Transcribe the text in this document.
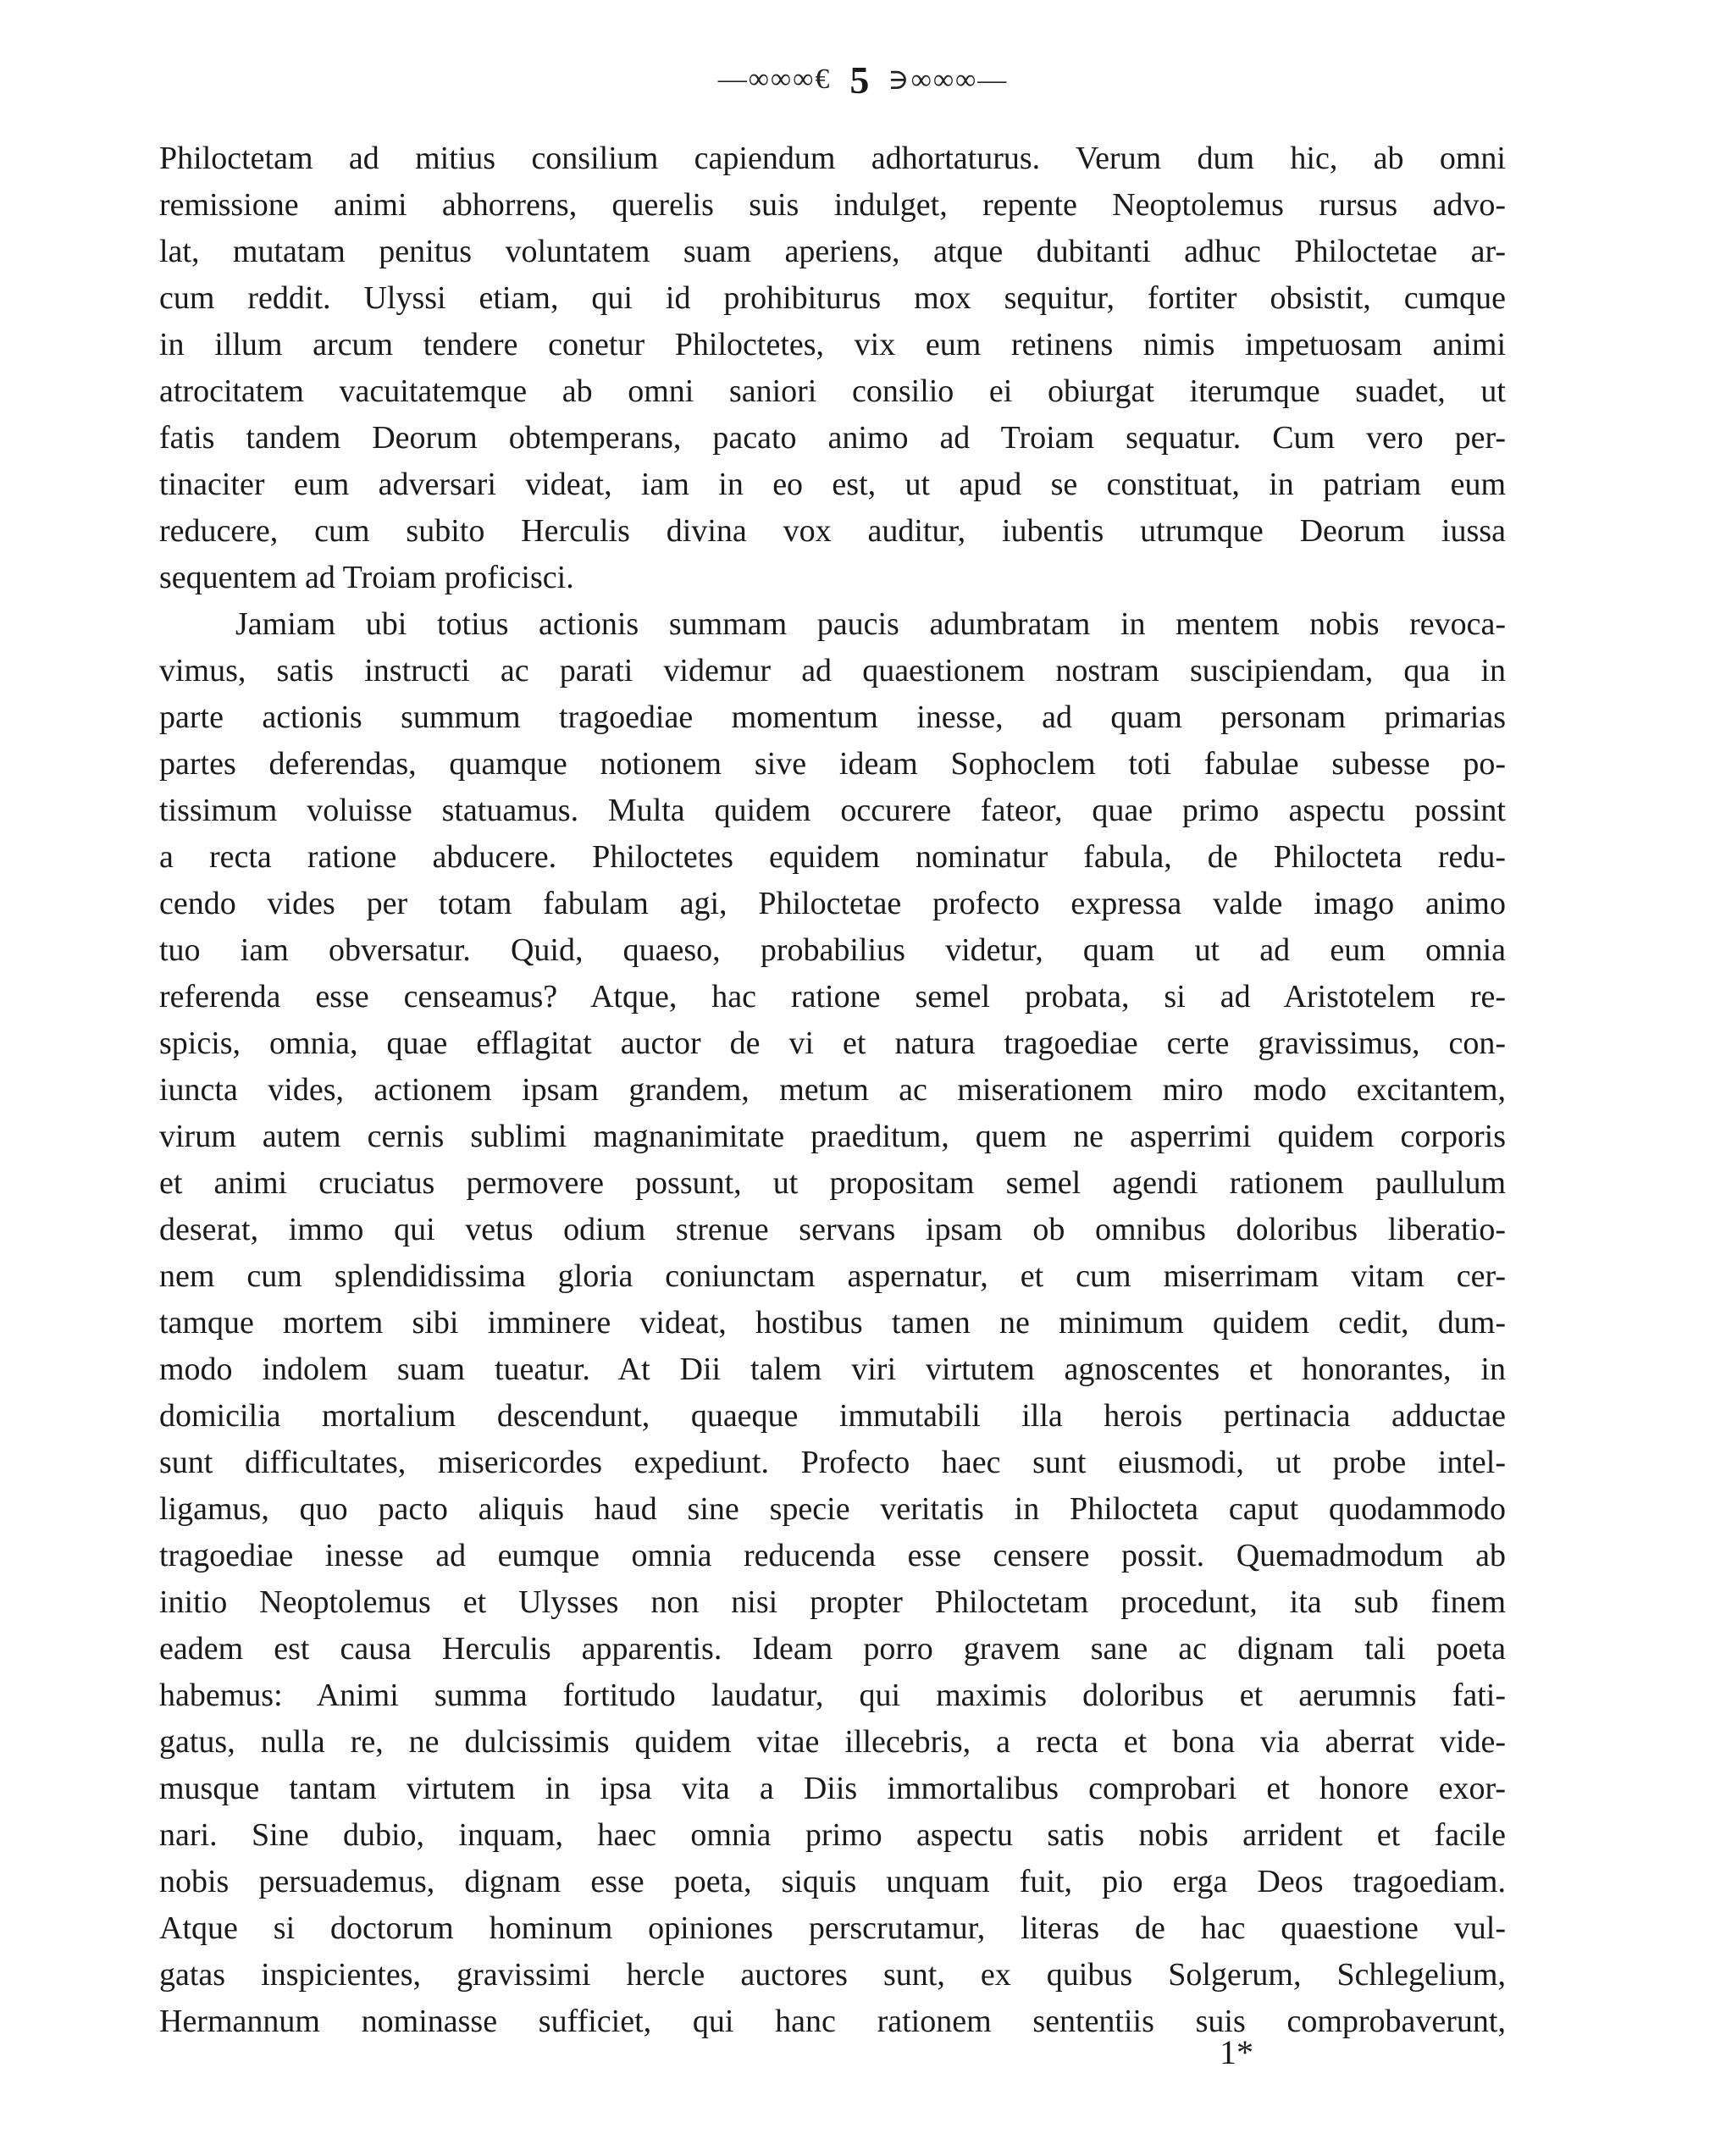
—∞∞∞€ 5 ∋∞∞∞—
Philoctetam ad mitius consilium capiendum adhortaturus. Verum dum hic, ab omni
remissione animi abhorrens, querelis suis indulget, repente Neoptolemus rursus advo-
lat, mutatam penitus voluntatem suam aperiens, atque dubitanti adhuc Philoctetae ar-
cum reddit. Ulyssi etiam, qui id prohibiturus mox sequitur, fortiter obsistit, cumque
in illum arcum tendere conetur Philoctetes, vix eum retinens nimis impetuosam animi
atrocitatem vacuitatemque ab omni saniori consilio ei obiurgat iterumque suadet, ut
fatis tandem Deorum obtemperans, pacato animo ad Troiam sequatur. Cum vero per-
tinaciter eum adversari videat, iam in eo est, ut apud se constituat, in patriam eum
reducere, cum subito Herculis divina vox auditur, iubentis utrumque Deorum iussa
sequentem ad Troiam proficisci.
Jamiam ubi totius actionis summam paucis adumbratam in mentem nobis revoca-
vimus, satis instructi ac parati videmur ad quaestionem nostram suscipiendam, qua in
parte actionis summum tragoediae momentum inesse, ad quam personam primarias
partes deferendas, quamque notionem sive ideam Sophoclem toti fabulae subesse po-
tissimum voluisse statuamus. Multa quidem occurere fateor, quae primo aspectu possint
a recta ratione abducere. Philoctetes equidem nominatur fabula, de Philocteta redu-
cendo vides per totam fabulam agi, Philoctetae profecto expressa valde imago animo
tuo iam obversatur. Quid, quaeso, probabilius videtur, quam ut ad eum omnia
referenda esse censeamus? Atque, hac ratione semel probata, si ad Aristotelem re-
spicis, omnia, quae efflagitat auctor de vi et natura tragoediae certe gravissimus, con-
iuncta vides, actionem ipsam grandem, metum ac miserationem miro modo excitantem,
virum autem cernis sublimi magnanimitate praeditum, quem ne asperrimi quidem corporis
et animi cruciatus permovere possunt, ut propositam semel agendi rationem paullulum
deserat, immo qui vetus odium strenue servans ipsam ob omnibus doloribus liberatio-
nem cum splendidissima gloria coniunctam aspernatur, et cum miserrimam vitam cer-
tamque mortem sibi imminere videat, hostibus tamen ne minimum quidem cedit, dum-
modo indolem suam tueatur. At Dii talem viri virtutem agnoscentes et honorantes, in
domicilia mortalium descendunt, quaeque immutabili illa herois pertinacia adductae
sunt difficultates, misericordes expediunt. Profecto haec sunt eiusmodi, ut probe intel-
ligamus, quo pacto aliquis haud sine specie veritatis in Philocteta caput quodammodo
tragoediae inesse ad eumque omnia reducenda esse censere possit. Quemadmodum ab
initio Neoptolemus et Ulysses non nisi propter Philoctetam procedunt, ita sub finem
eadem est causa Herculis apparentis. Ideam porro gravem sane ac dignam tali poeta
habemus: Animi summa fortitudo laudatur, qui maximis doloribus et aerumnis fati-
gatus, nulla re, ne dulcissimis quidem vitae illecebris, a recta et bona via aberrat vide-
musque tantam virtutem in ipsa vita a Diis immortalibus comprobari et honore exor-
nari. Sine dubio, inquam, haec omnia primo aspectu satis nobis arrident et facile
nobis persuademus, dignam esse poeta, siquis unquam fuit, pio erga Deos tragoediam.
Atque si doctorum hominum opiniones perscrutamur, literas de hac quaestione vul-
gatas inspicientes, gravissimi hercle auctores sunt, ex quibus Solgerum, Schlegelium,
Hermannum nominasse sufficiet, qui hanc rationem sententiis suis comprobaverunt,
1*
